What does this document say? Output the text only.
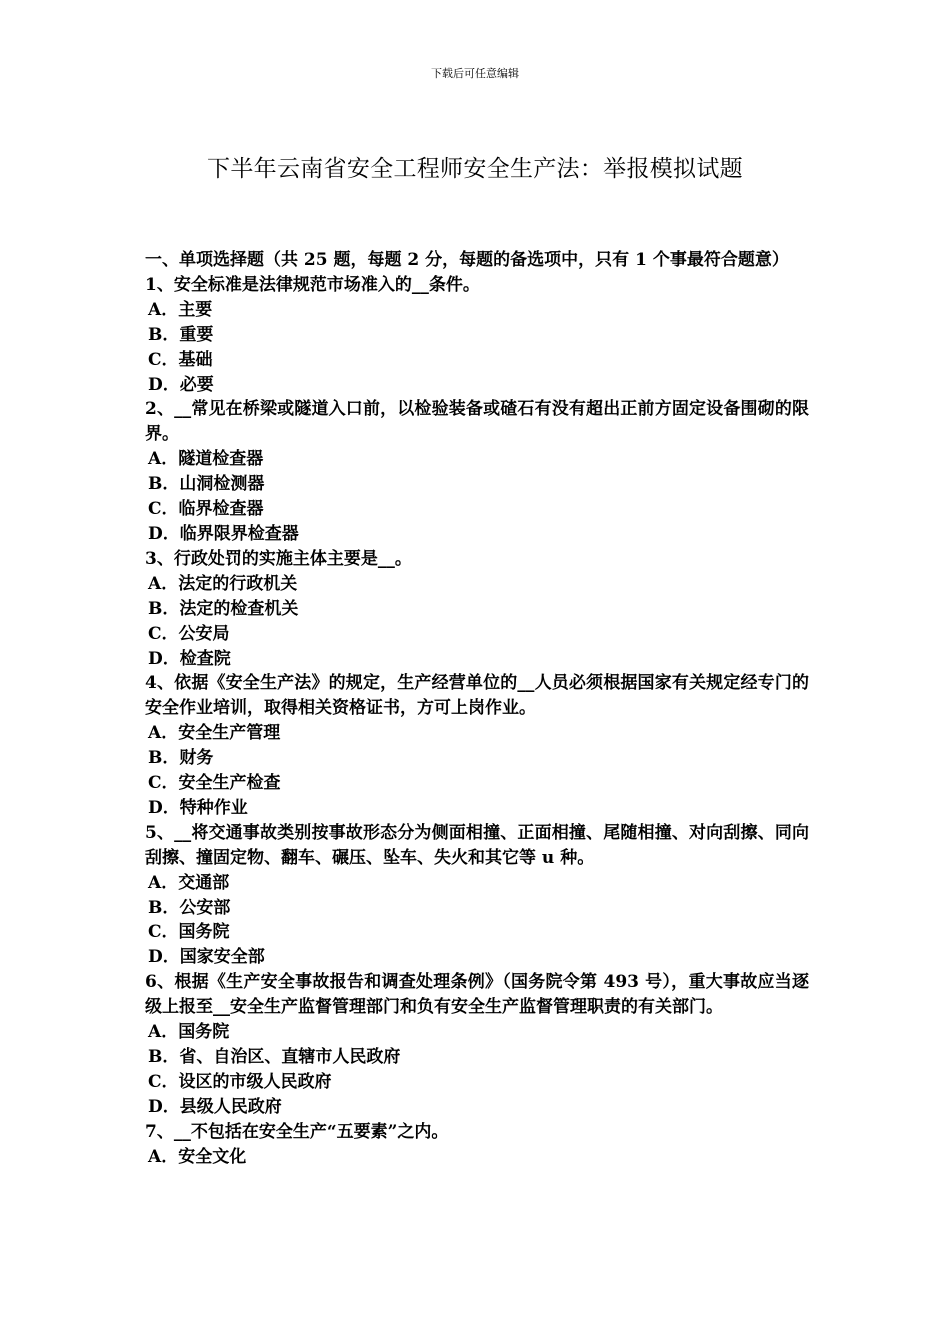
下载后可任意编辑
下半年云南省安全工程师安全生产法：举报模拟试题

一、单项选择题（共 25 题，每题 2 分，每题的备选项中，只有 1 个事最符合题意）

1、安全标准是法律规范市场准入的__条件。

A．主要

B．重要

C．基础

D．必要

2、__常见在桥梁或隧道入口前，以检验装备或碴石有没有超出正前方固定设备围砌的限界。

A．隧道检查器

B．山洞检测器

C．临界检查器

D．临界限界检查器

3、行政处罚的实施主体主要是__。

A．法定的行政机关

B．法定的检查机关

C．公安局

D．检查院

4、依据《安全生产法》的规定，生产经营单位的__人员必须根据国家有关规定经专门的安全作业培训，取得相关资格证书，方可上岗作业。

A．安全生产管理

B．财务

C．安全生产检查

D．特种作业

5、__将交通事故类别按事故形态分为侧面相撞、正面相撞、尾随相撞、对向刮擦、同向刮擦、撞固定物、翻车、碾压、坠车、失火和其它等 u 种。

A．交通部

B．公安部

C．国务院

D．国家安全部

6、根据《生产安全事故报告和调查处理条例》（国务院令第 493 号），重大事故应当逐级上报至__安全生产监督管理部门和负有安全生产监督管理职责的有关部门。

A．国务院

B．省、自治区、直辖市人民政府

C．设区的市级人民政府

D．县级人民政府

7、__不包括在安全生产“五要素”之内。

A．安全文化
